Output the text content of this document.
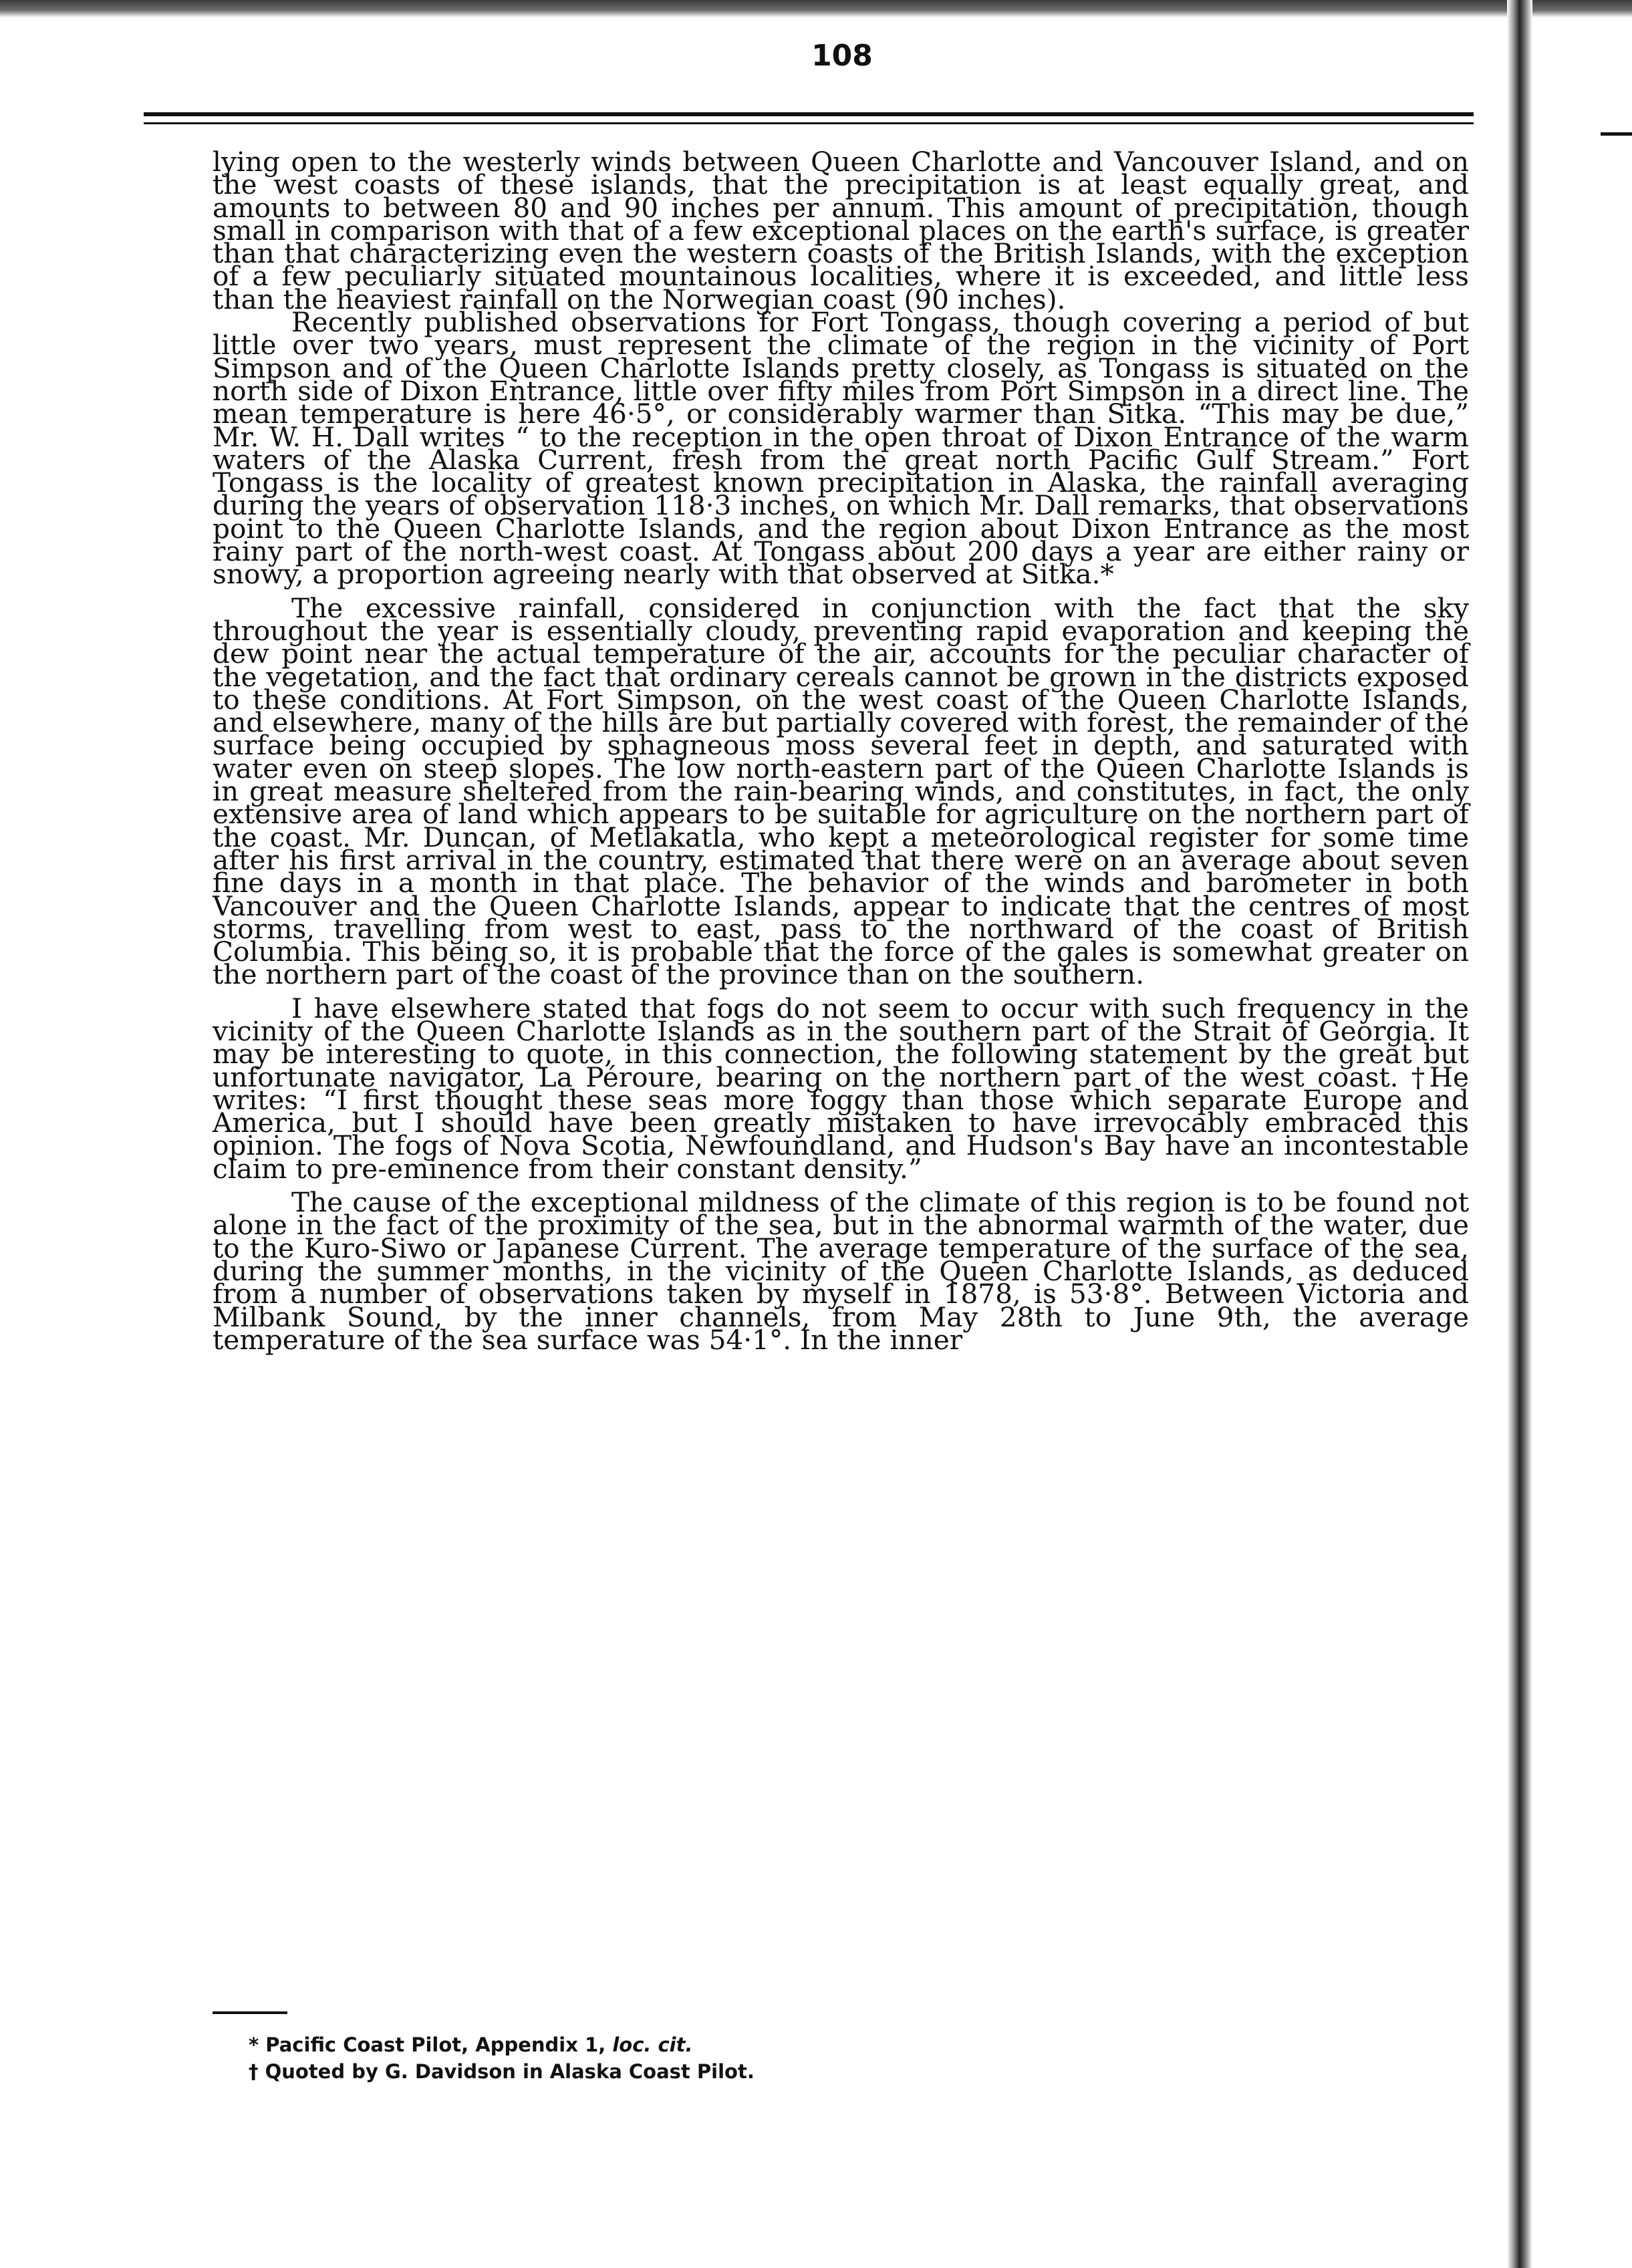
108

lying open to the westerly winds between Queen Charlotte and Vancouver Island, and on the west coasts of these islands, that the precipitation is at least equally great, and amounts to between 80 and 90 inches per annum. This amount of precipitation, though small in comparison with that of a few exceptional places on the earth's surface, is greater than that characterizing even the western coasts of the British Islands, with the exception of a few peculiarly situated mountainous localities, where it is exceeded, and little less than the heaviest rainfall on the Norwegian coast (90 inches).

Recently published observations for Fort Tongass, though covering a period of but little over two years, must represent the climate of the region in the vicinity of Port Simpson and of the Queen Charlotte Islands pretty closely, as Tongass is situated on the north side of Dixon Entrance, little over fifty miles from Port Simpson in a direct line. The mean temperature is here 46·5°, or considerably warmer than Sitka. “This may be due,” Mr. W. H. Dall writes “ to the reception in the open throat of Dixon Entrance of the warm waters of the Alaska Current, fresh from the great north Pacific Gulf Stream.” Fort Tongass is the locality of greatest known precipitation in Alaska, the rainfall averaging during the years of observation 118·3 inches, on which Mr. Dall remarks, that observations point to the Queen Charlotte Islands, and the region about Dixon Entrance as the most rainy part of the north-west coast. At Tongass about 200 days a year are either rainy or snowy, a proportion agreeing nearly with that observed at Sitka.*

The excessive rainfall, considered in conjunction with the fact that the sky throughout the year is essentially cloudy, preventing rapid evaporation and keeping the dew point near the actual temperature of the air, accounts for the peculiar character of the vegetation, and the fact that ordinary cereals cannot be grown in the districts exposed to these conditions. At Fort Simpson, on the west coast of the Queen Charlotte Islands, and elsewhere, many of the hills are but partially covered with forest, the remainder of the surface being occupied by sphagneous moss several feet in depth, and saturated with water even on steep slopes. The low north-eastern part of the Queen Charlotte Islands is in great measure sheltered from the rain-bearing winds, and constitutes, in fact, the only extensive area of land which appears to be suitable for agriculture on the northern part of the coast. Mr. Duncan, of Metlakatla, who kept a meteorological register for some time after his first arrival in the country, estimated that there were on an average about seven fine days in a month in that place. The behavior of the winds and barometer in both Vancouver and the Queen Charlotte Islands, appear to indicate that the centres of most storms, travelling from west to east, pass to the northward of the coast of British Columbia. This being so, it is probable that the force of the gales is somewhat greater on the northern part of the coast of the province than on the southern.

I have elsewhere stated that fogs do not seem to occur with such frequency in the vicinity of the Queen Charlotte Islands as in the southern part of the Strait of Georgia. It may be interesting to quote, in this connection, the following statement by the great but unfortunate navigator, La Péroure, bearing on the northern part of the west coast. †He writes: “I first thought these seas more foggy than those which separate Europe and America, but I should have been greatly mistaken to have irrevocably embraced this opinion. The fogs of Nova Scotia, Newfoundland, and Hudson's Bay have an incontestable claim to pre-eminence from their constant density.”

The cause of the exceptional mildness of the climate of this region is to be found not alone in the fact of the proximity of the sea, but in the abnormal warmth of the water, due to the Kuro-Siwo or Japanese Current. The average temperature of the surface of the sea, during the summer months, in the vicinity of the Queen Charlotte Islands, as deduced from a number of observations taken by myself in 1878, is 53·8°. Between Victoria and Milbank Sound, by the inner channels, from May 28th to June 9th, the average temperature of the sea surface was 54·1°. In the inner

* Pacific Coast Pilot, Appendix 1, loc. cit.

† Quoted by G. Davidson in Alaska Coast Pilot.
